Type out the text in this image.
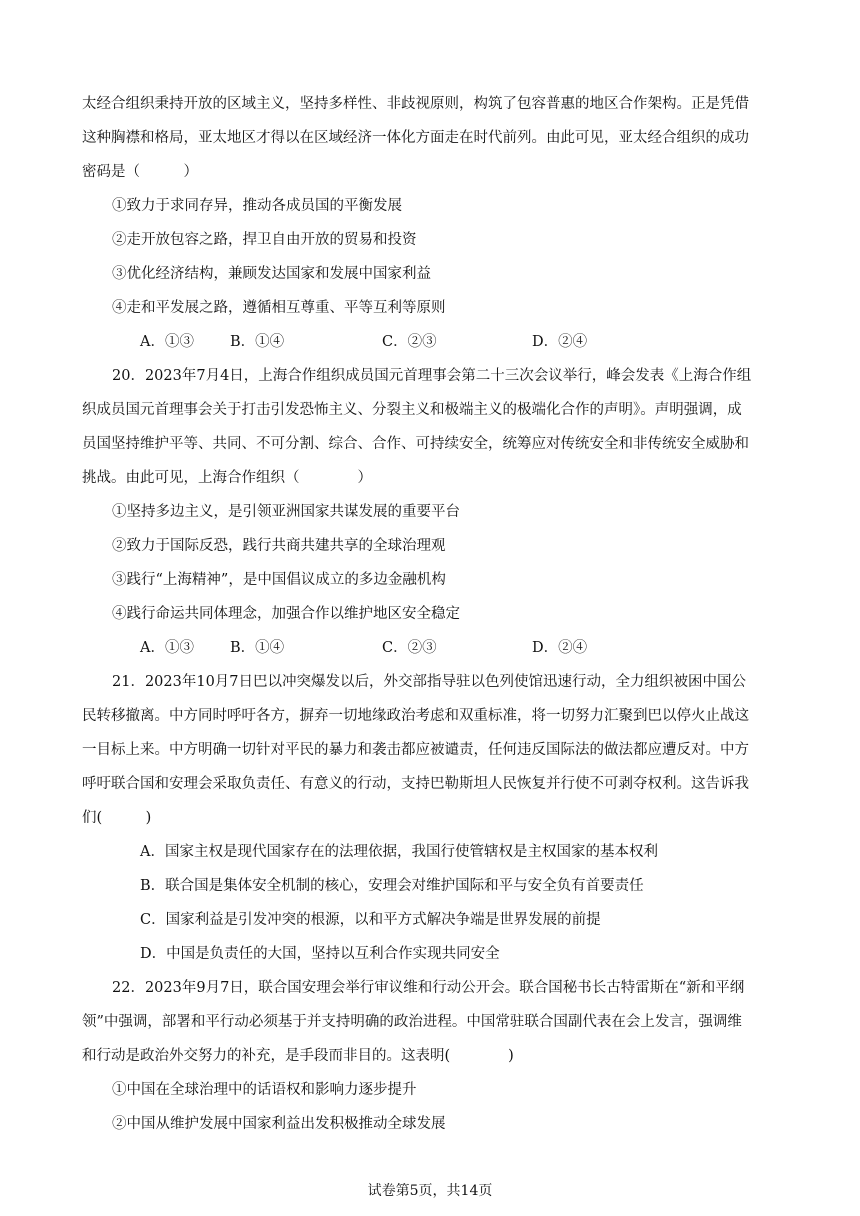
太经合组织秉持开放的区域主义，坚持多样性、非歧视原则，构筑了包容普惠的地区合作架构。正是凭借
这种胸襟和格局，亚太地区才得以在区域经济一体化方面走在时代前列。由此可见，亚太经合组织的成功
密码是（　　　）
①致力于求同存异，推动各成员国的平衡发展
②走开放包容之路，捍卫自由开放的贸易和投资
③优化经济结构，兼顾发达国家和发展中国家利益
④走和平发展之路，遵循相互尊重、平等互利等原则
A．①③	B．①④	C．②③	D．②④
20．2023年7月4日，上海合作组织成员国元首理事会第二十三次会议举行，峰会发表《上海合作组
织成员国元首理事会关于打击引发恐怖主义、分裂主义和极端主义的极端化合作的声明》。声明强调，成
员国坚持维护平等、共同、不可分割、综合、合作、可持续安全，统筹应对传统安全和非传统安全威胁和
挑战。由此可见，上海合作组织（　　　　）
①坚持多边主义，是引领亚洲国家共谋发展的重要平台
②致力于国际反恐，践行共商共建共享的全球治理观
③践行“上海精神”，是中国倡议成立的多边金融机构
④践行命运共同体理念，加强合作以维护地区安全稳定
A．①③	B．①④	C．②③	D．②④
21．2023年10月7日巴以冲突爆发以后，外交部指导驻以色列使馆迅速行动，全力组织被困中国公
民转移撤离。中方同时呼吁各方，摒弃一切地缘政治考虑和双重标准，将一切努力汇聚到巴以停火止战这
一目标上来。中方明确一切针对平民的暴力和袭击都应被谴责，任何违反国际法的做法都应遭反对。中方
呼吁联合国和安理会采取负责任、有意义的行动，支持巴勒斯坦人民恢复并行使不可剥夺权利。这告诉我
们(　　　)
A．国家主权是现代国家存在的法理依据，我国行使管辖权是主权国家的基本权利
B．联合国是集体安全机制的核心，安理会对维护国际和平与安全负有首要责任
C．国家利益是引发冲突的根源，以和平方式解决争端是世界发展的前提
D．中国是负责任的大国，坚持以互利合作实现共同安全
22．2023年9月7日，联合国安理会举行审议维和行动公开会。联合国秘书长古特雷斯在“新和平纲
领”中强调，部署和平行动必须基于并支持明确的政治进程。中国常驻联合国副代表在会上发言，强调维
和行动是政治外交努力的补充，是手段而非目的。这表明(　　　　)
①中国在全球治理中的话语权和影响力逐步提升
②中国从维护发展中国家利益出发积极推动全球发展
试卷第5页，共14页
